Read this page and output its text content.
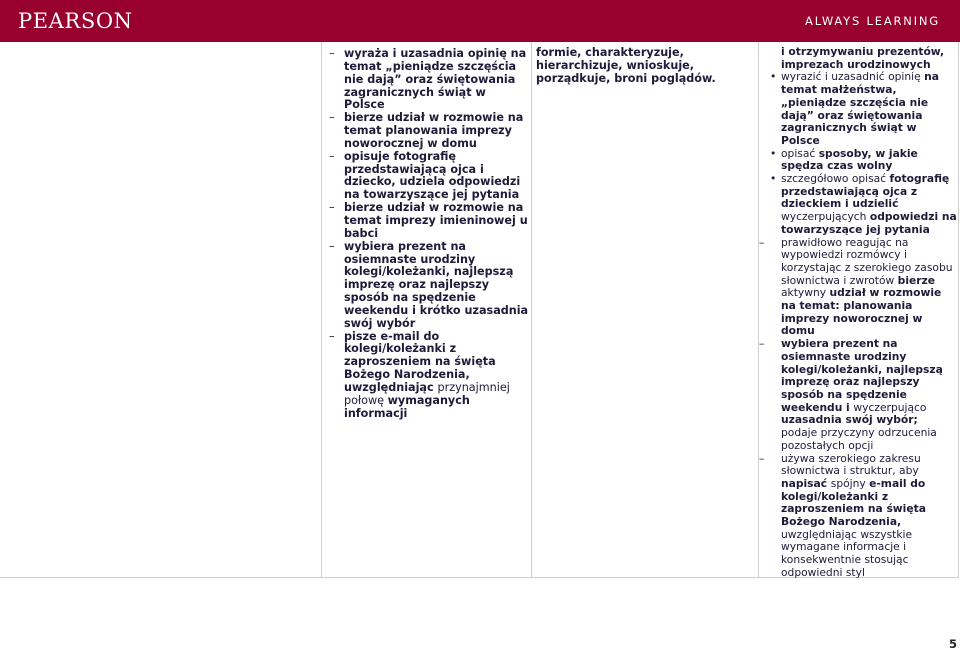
PEARSON	ALWAYS LEARNING
– wyraża i uzasadnia opinię na temat „pieniądze szczęścia nie dają” oraz świętowania zagranicznych świąt w Polsce
– bierze udział w rozmowie na temat planowania imprezy noworocznej w domu
– opisuje fotografię przedstawiającą ojca i dziecko, udziela odpowiedzi na towarzyszące jej pytania
– bierze udział w rozmowie na temat imprezy imieninowej u babci
– wybiera prezent na osiemnaste urodziny kolegi/koleżanki, najlepszą imprezę oraz najlepszy sposób na spędzenie weekendu i krótko uzasadnia swój wybór
– pisze e-mail do kolegi/koleżanki z zaproszeniem na święta Bożego Narodzenia, uwzględniając przynajmniej połowę wymaganych informacji
formie, charakteryzuje, hierarchizuje, wnioskuje, porządkuje, broni poglądów.
i otrzymywaniu prezentów, imprezach urodzinowych
• wyrazić i uzasadnić opinię na temat małżeństwa, „pieniądze szczęścia nie dają” oraz świętowania zagranicznych świąt w Polsce
• opisać sposoby, w jakie spędza czas wolny
• szczegółowo opisać fotografię przedstawiającą ojca z dzieckiem i udzielić wyczerpujących odpowiedzi na towarzyszące jej pytania
– prawidłowo reagując na wypowiedzi rozmówcy i korzystając z szerokiego zasobu słownictwa i zwrotów bierze aktywny udział w rozmowie na temat: planowania imprezy noworocznej w domu
– wybiera prezent na osiemnaste urodziny kolegi/koleżanki, najlepszą imprezę oraz najlepszy sposób na spędzenie weekendu i wyczerpująco uzasadnia swój wybór; podaje przyczyny odrzucenia pozostałych opcji
– używa szerokiego zakresu słownictwa i struktur, aby napisać spójny e-mail do kolegi/koleżanki z zaproszeniem na święta Bożego Narodzenia, uwzględniając wszystkie wymagane informacje i konsekwentnie stosując odpowiedni styl
5
